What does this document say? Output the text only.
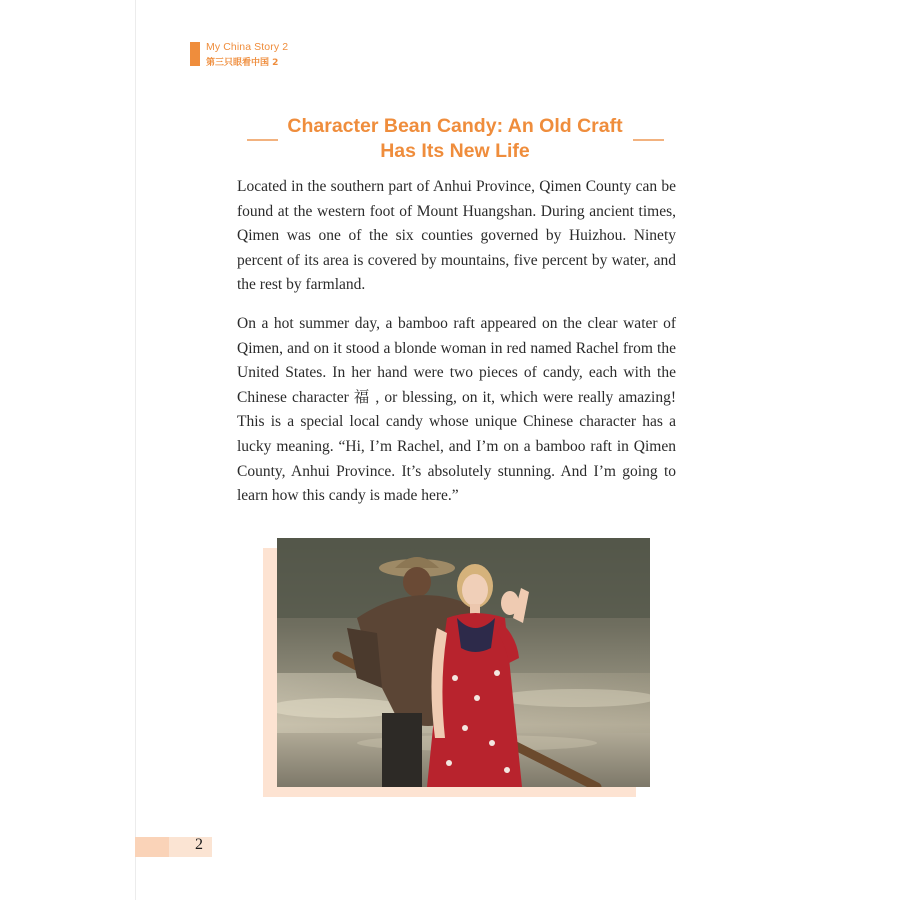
My China Story 2
第三只眼看中国 2
Character Bean Candy: An Old Craft
Has Its New Life

Located in the southern part of Anhui Province, Qimen County can be found at the western foot of Mount Huangshan. During ancient times, Qimen was one of the six counties governed by Huizhou. Ninety percent of its area is covered by mountains, five percent by water, and the rest by farmland.

On a hot summer day, a bamboo raft appeared on the clear water of Qimen, and on it stood a blonde woman in red named Rachel from the United States. In her hand were two pieces of candy, each with the Chinese character 福 , or blessing, on it, which were really amazing! This is a special local candy whose unique Chinese character has a lucky meaning. “Hi, I’m Rachel, and I’m on a bamboo raft in Qimen County, Anhui Province. It’s absolutely stunning. And I’m going to learn how this candy is made here.”

2
